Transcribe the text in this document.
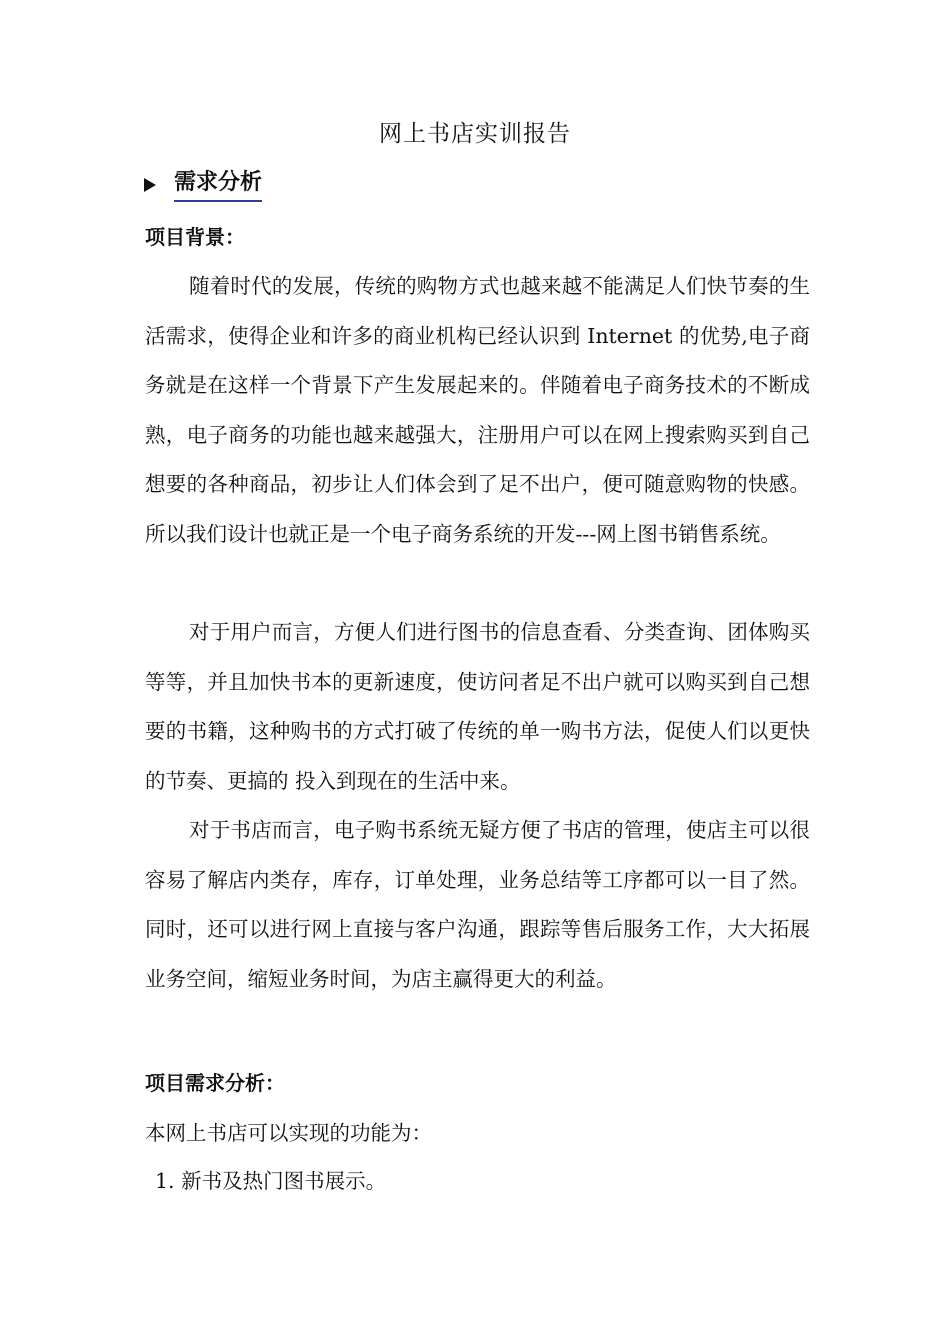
网上书店实训报告
需求分析
项目背景：

随着时代的发展，传统的购物方式也越来越不能满足人们快节奏的生活需求，使得企业和许多的商业机构已经认识到 Internet 的优势,电子商务就是在这样一个背景下产生发展起来的。伴随着电子商务技术的不断成熟，电子商务的功能也越来越强大，注册用户可以在网上搜索购买到自己想要的各种商品，初步让人们体会到了足不出户，便可随意购物的快感。所以我们设计也就正是一个电子商务系统的开发---网上图书销售系统。

对于用户而言，方便人们进行图书的信息查看、分类查询、团体购买等等，并且加快书本的更新速度，使访问者足不出户就可以购买到自己想要的书籍，这种购书的方式打破了传统的单一购书方法，促使人们以更快的节奏、更搞的 投入到现在的生活中来。

对于书店而言，电子购书系统无疑方便了书店的管理，使店主可以很容易了解店内类存，库存，订单处理，业务总结等工序都可以一目了然。同时，还可以进行网上直接与客户沟通，跟踪等售后服务工作，大大拓展业务空间，缩短业务时间，为店主赢得更大的利益。

项目需求分析：
本网上书店可以实现的功能为：
1. 新书及热门图书展示。
